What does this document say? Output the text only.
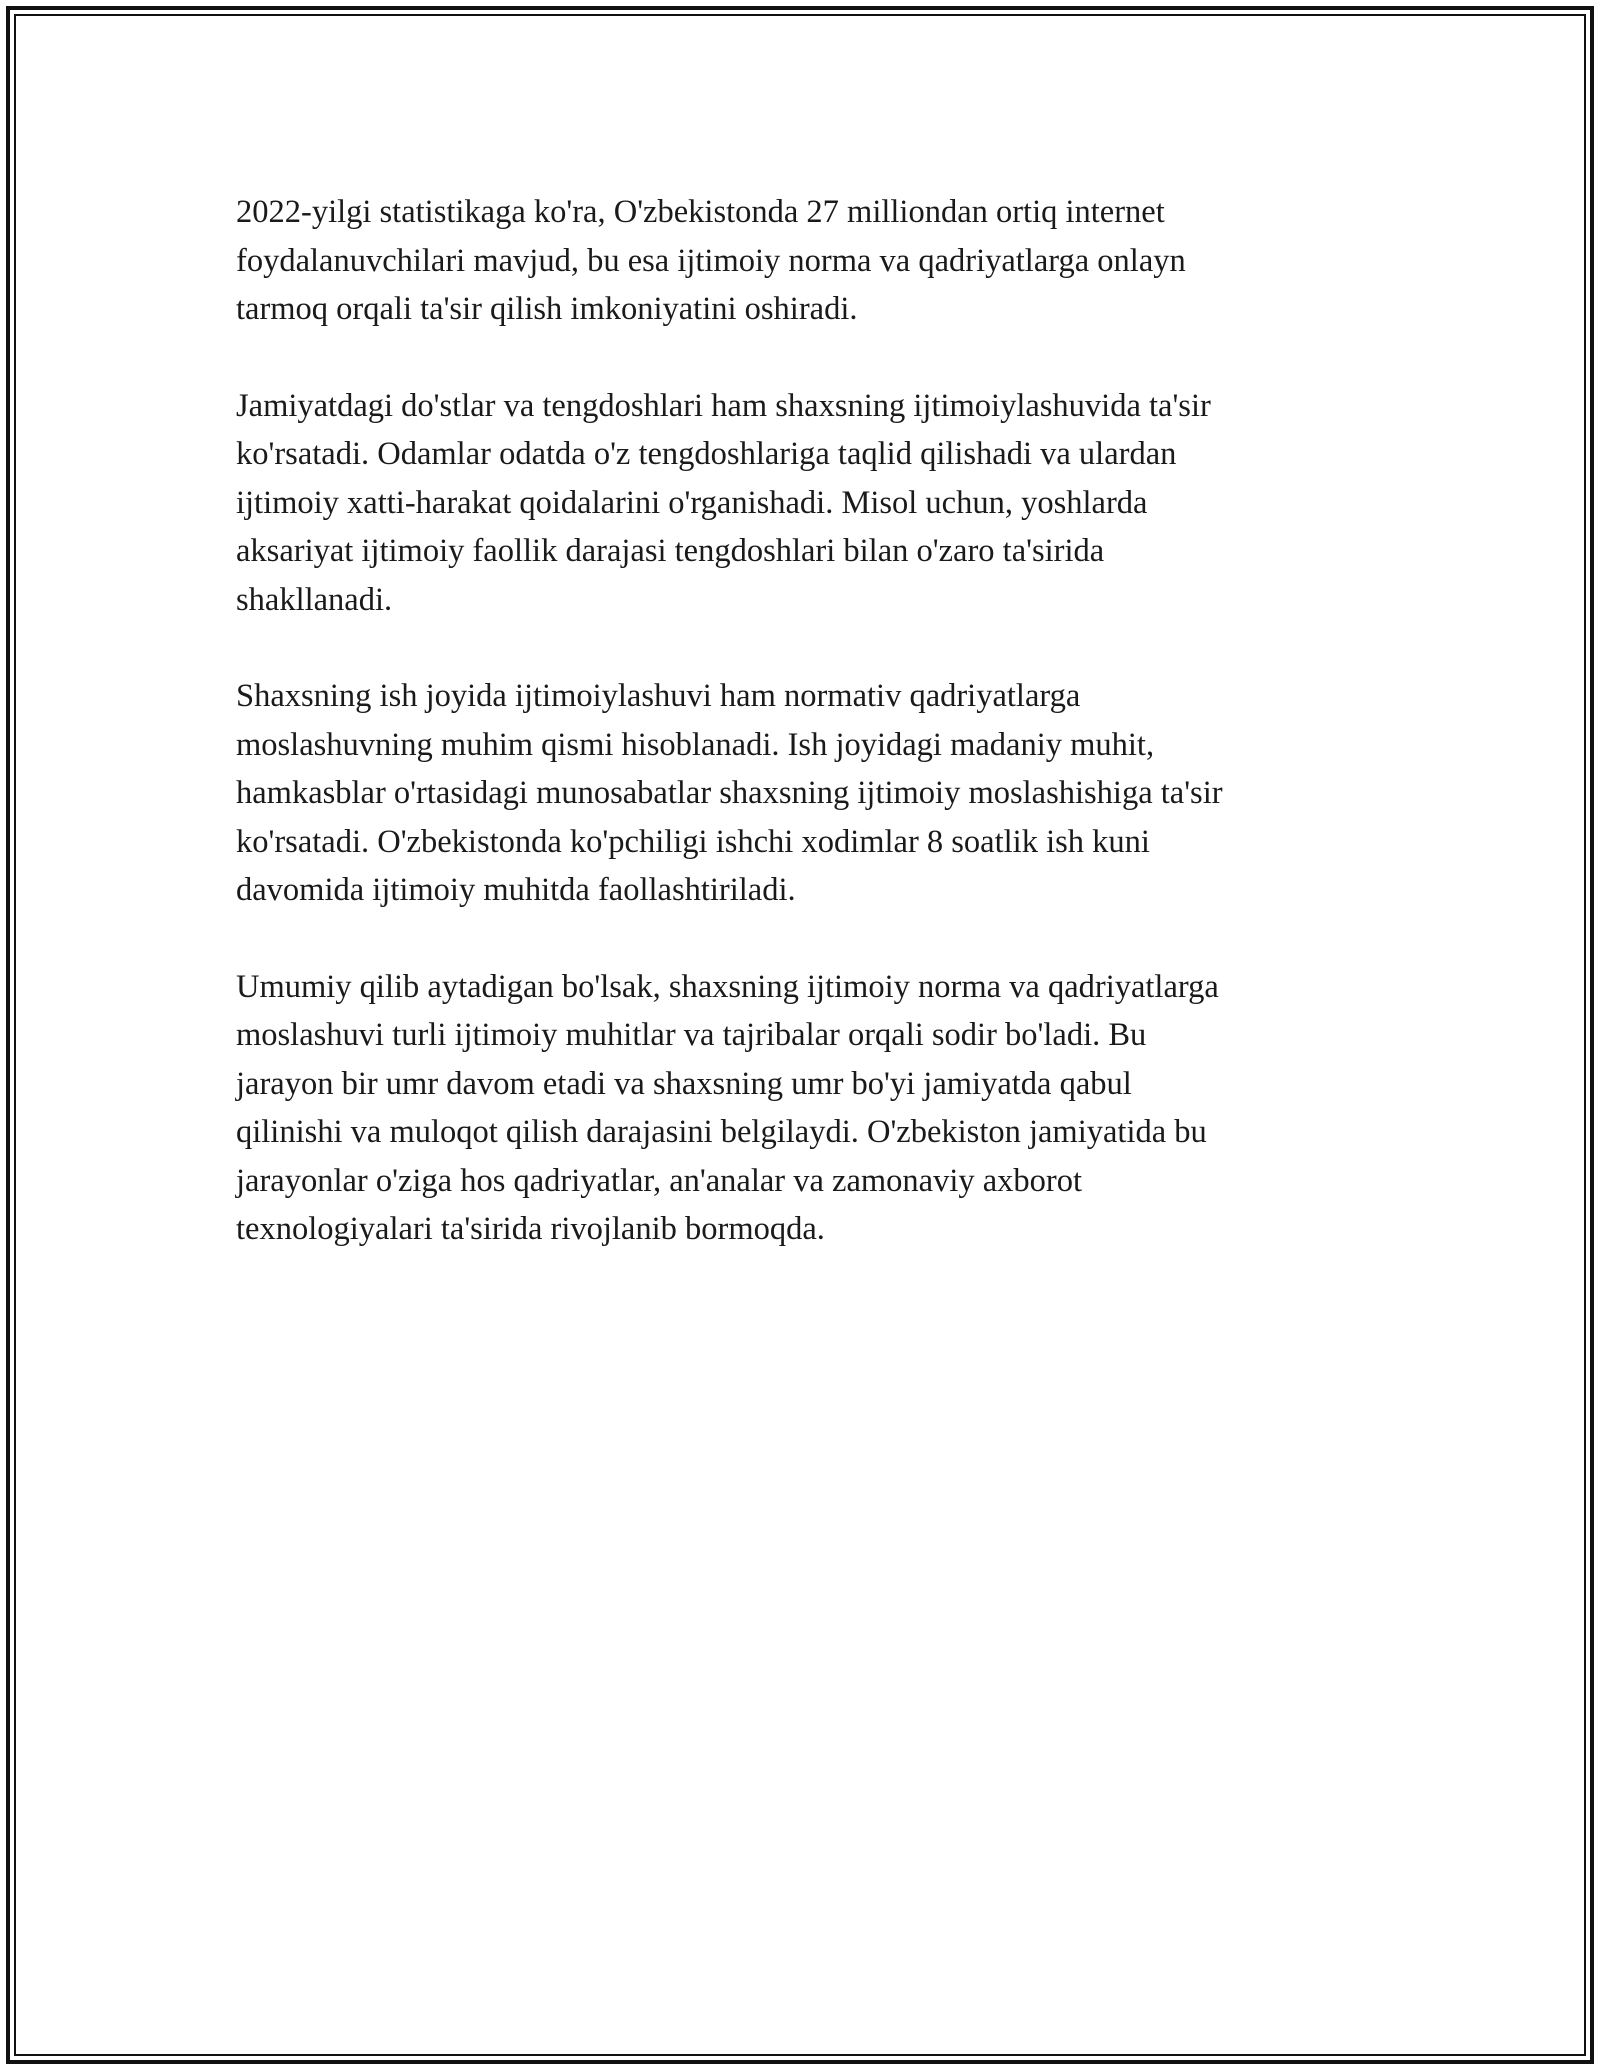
2022-yilgi statistikaga ko'ra, O'zbekistonda 27 milliondan ortiq internet
foydalanuvchilari mavjud, bu esa ijtimoiy norma va qadriyatlarga onlayn
tarmoq orqali ta'sir qilish imkoniyatini oshiradi.

Jamiyatdagi do'stlar va tengdoshlari ham shaxsning ijtimoiylashuvida ta'sir
ko'rsatadi. Odamlar odatda o'z tengdoshlariga taqlid qilishadi va ulardan
ijtimoiy xatti-harakat qoidalarini o'rganishadi. Misol uchun, yoshlarda
aksariyat ijtimoiy faollik darajasi tengdoshlari bilan o'zaro ta'sirida
shakllanadi.

Shaxsning ish joyida ijtimoiylashuvi ham normativ qadriyatlarga
moslashuvning muhim qismi hisoblanadi. Ish joyidagi madaniy muhit,
hamkasblar o'rtasidagi munosabatlar shaxsning ijtimoiy moslashishiga ta'sir
ko'rsatadi. O'zbekistonda ko'pchiligi ishchi xodimlar 8 soatlik ish kuni
davomida ijtimoiy muhitda faollashtiriladi.

Umumiy qilib aytadigan bo'lsak, shaxsning ijtimoiy norma va qadriyatlarga
moslashuvi turli ijtimoiy muhitlar va tajribalar orqali sodir bo'ladi. Bu
jarayon bir umr davom etadi va shaxsning umr bo'yi jamiyatda qabul
qilinishi va muloqot qilish darajasini belgilaydi. O'zbekiston jamiyatida bu
jarayonlar o'ziga hos qadriyatlar, an'analar va zamonaviy axborot
texnologiyalari ta'sirida rivojlanib bormoqda.
